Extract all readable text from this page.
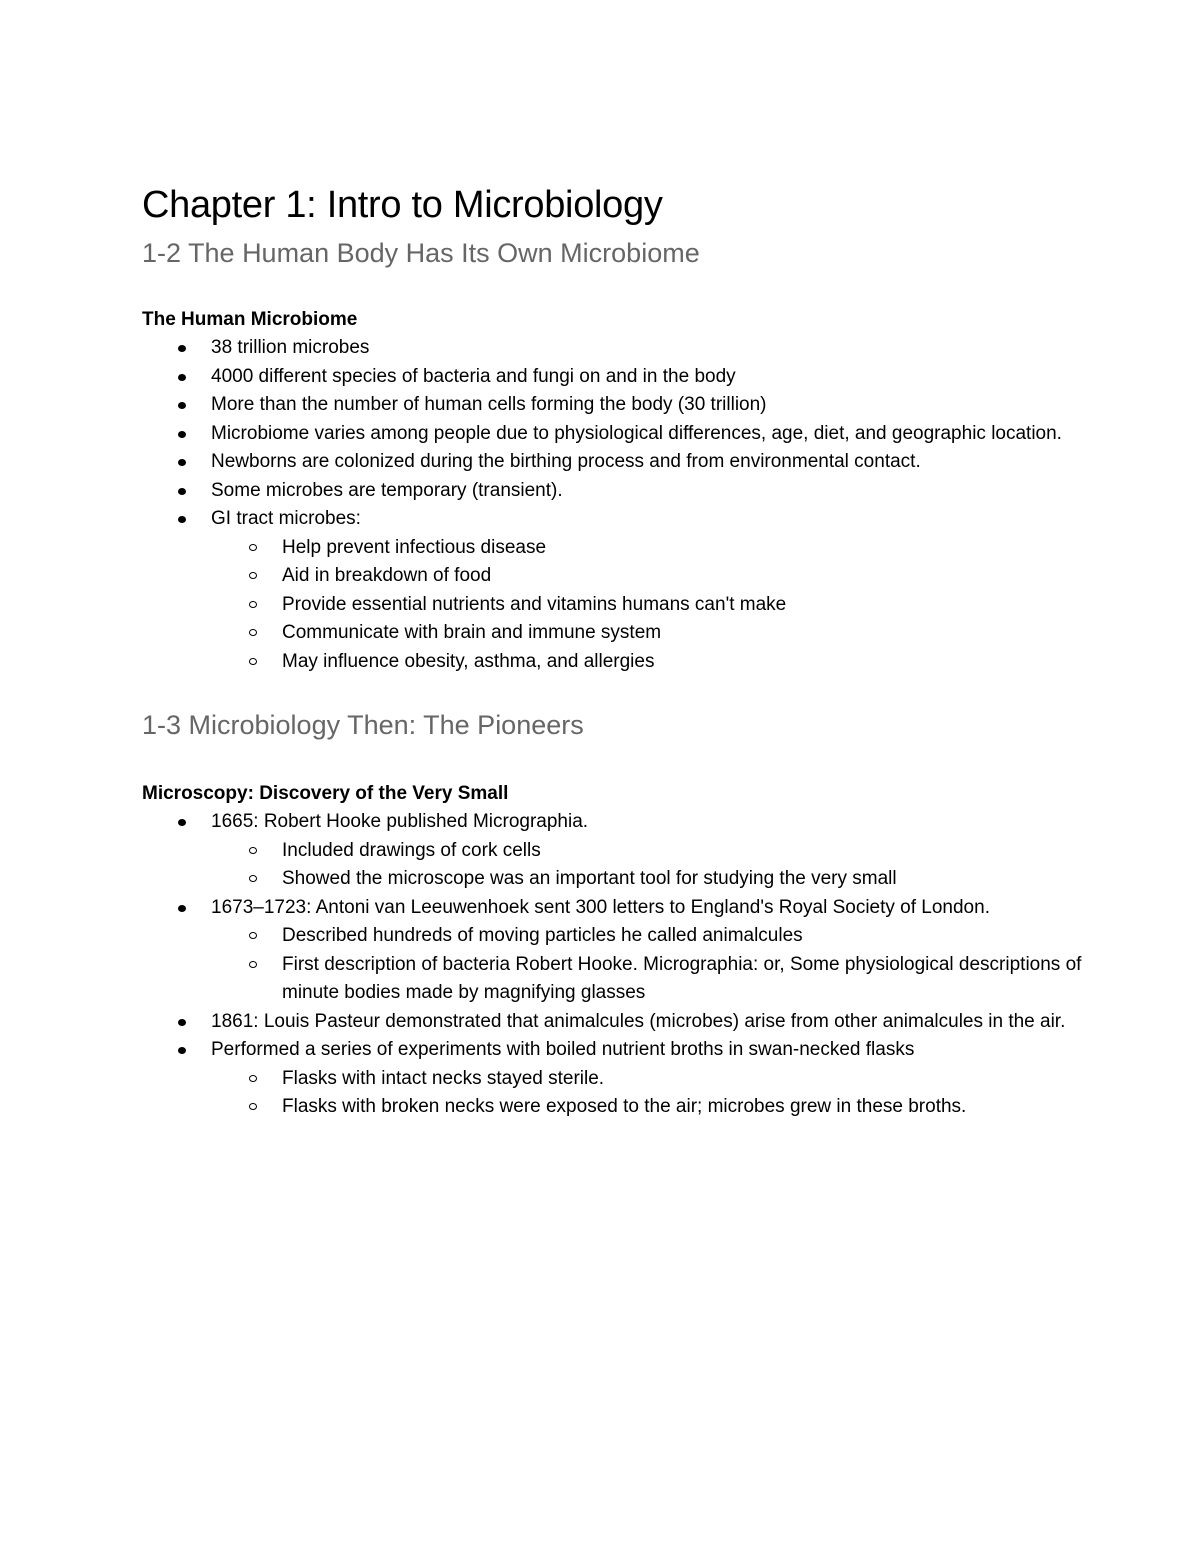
Chapter 1: Intro to Microbiology
1-2 The Human Body Has Its Own Microbiome
The Human Microbiome
38 trillion microbes
4000 different species of bacteria and fungi on and in the body
More than the number of human cells forming the body (30 trillion)
Microbiome varies among people due to physiological differences, age, diet, and geographic location.
Newborns are colonized during the birthing process and from environmental contact.
Some microbes are temporary (transient).
GI tract microbes:
Help prevent infectious disease
Aid in breakdown of food
Provide essential nutrients and vitamins humans can't make
Communicate with brain and immune system
May influence obesity, asthma, and allergies
1-3 Microbiology Then: The Pioneers
Microscopy: Discovery of the Very Small
1665: Robert Hooke published Micrographia.
Included drawings of cork cells
Showed the microscope was an important tool for studying the very small
1673–1723: Antoni van Leeuwenhoek sent 300 letters to England's Royal Society of London.
Described hundreds of moving particles he called animalcules
First description of bacteria Robert Hooke. Micrographia: or, Some physiological descriptions of minute bodies made by magnifying glasses
1861: Louis Pasteur demonstrated that animalcules (microbes) arise from other animalcules in the air.
Performed a series of experiments with boiled nutrient broths in swan-necked flasks
Flasks with intact necks stayed sterile.
Flasks with broken necks were exposed to the air; microbes grew in these broths.
